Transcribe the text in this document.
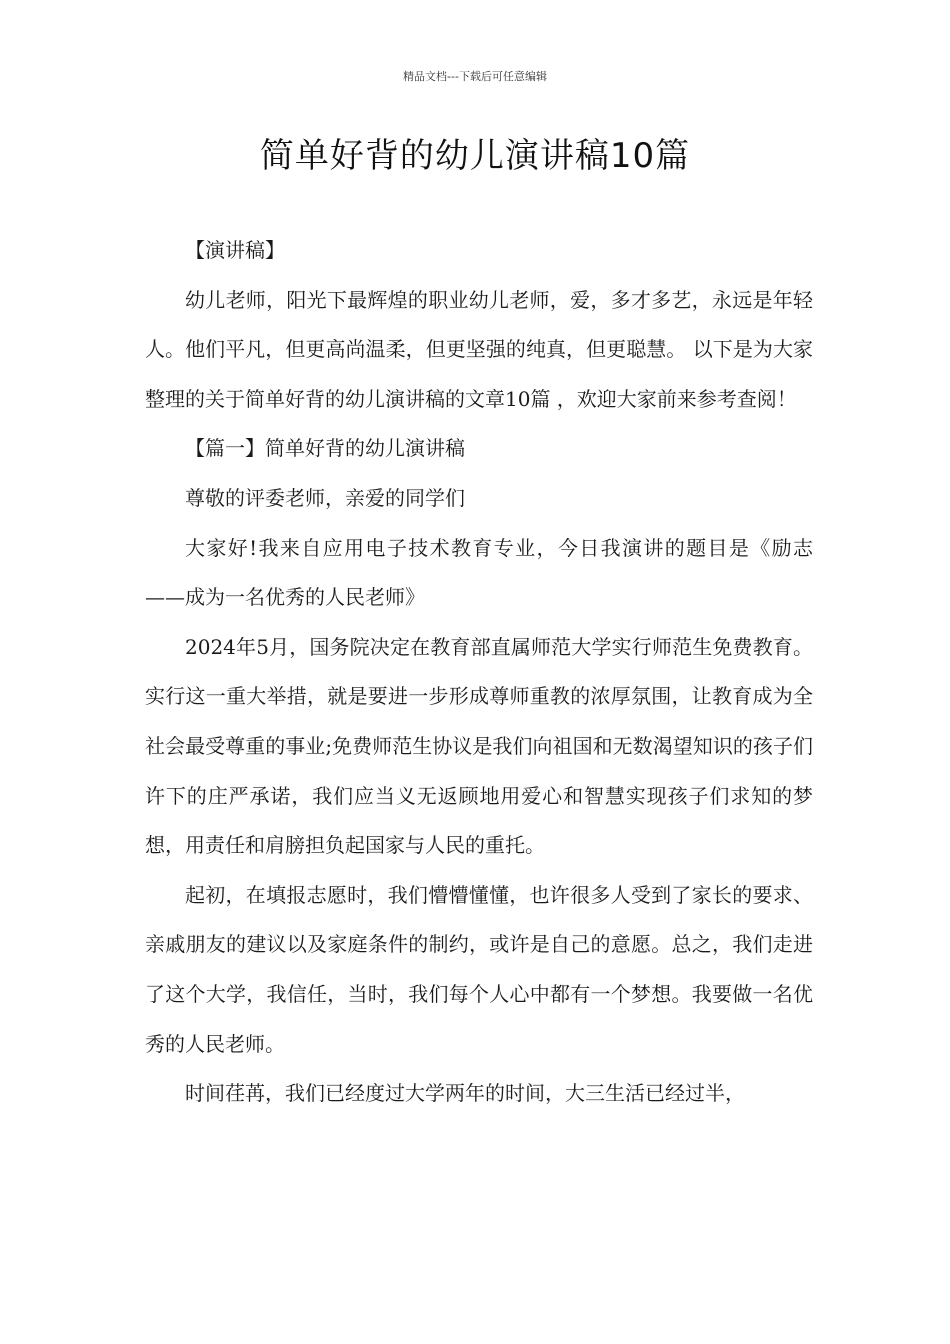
精品文档---下载后可任意编辑
简单好背的幼儿演讲稿10篇

【演讲稿】

幼儿老师，阳光下最辉煌的职业幼儿老师，爱，多才多艺，永远是年轻人。他们平凡，但更高尚温柔，但更坚强的纯真，但更聪慧。 以下是为大家整理的关于简单好背的幼儿演讲稿的文章10篇 ，欢迎大家前来参考查阅！

【篇一】简单好背的幼儿演讲稿

尊敬的评委老师，亲爱的同学们

大家好!我来自应用电子技术教育专业，今日我演讲的题目是《励志——成为一名优秀的人民老师》

2024年5月，国务院决定在教育部直属师范大学实行师范生免费教育。实行这一重大举措，就是要进一步形成尊师重教的浓厚氛围，让教育成为全社会最受尊重的事业;免费师范生协议是我们向祖国和无数渴望知识的孩子们许下的庄严承诺，我们应当义无返顾地用爱心和智慧实现孩子们求知的梦想，用责任和肩膀担负起国家与人民的重托。

起初，在填报志愿时，我们懵懵懂懂，也许很多人受到了家长的要求、亲戚朋友的建议以及家庭条件的制约，或许是自己的意愿。总之，我们走进了这个大学，我信任，当时，我们每个人心中都有一个梦想。我要做一名优秀的人民老师。

时间荏苒，我们已经度过大学两年的时间，大三生活已经过半，
